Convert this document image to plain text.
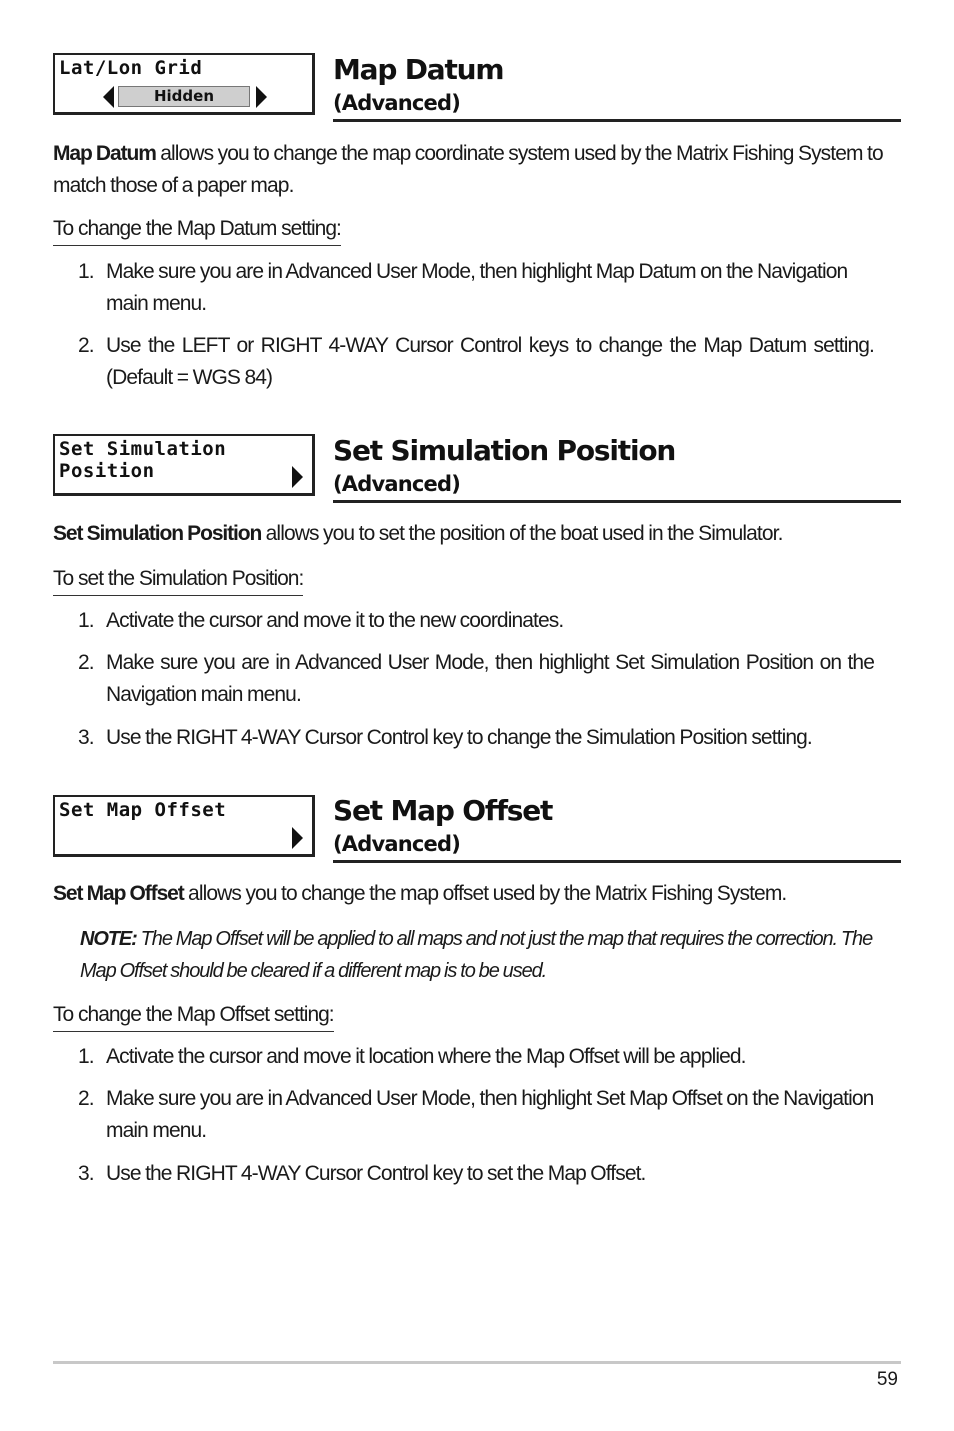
Lat/Lon Grid
Hidden
Map Datum
(Advanced)
Map Datum allows you to change the map coordinate system used by the Matrix Fishing System to match those of a paper map.
To change the Map Datum setting:
1. Make sure you are in Advanced User Mode, then highlight Map Datum on the Navigation main menu.
2. Use the LEFT or RIGHT 4-WAY Cursor Control keys to change the Map Datum setting. (Default = WGS 84)
Set Simulation Position
Set Simulation Position
(Advanced)
Set Simulation Position allows you to set the position of the boat used in the Simulator.
To set the Simulation Position:
1. Activate the cursor and move it to the new coordinates.
2. Make sure you are in Advanced User Mode, then highlight Set Simulation Position on the Navigation main menu.
3. Use the RIGHT 4-WAY Cursor Control key to change the Simulation Position setting.
Set Map Offset	Set Map Offset
(Advanced)
Set Map Offset allows you to change the map offset used by the Matrix Fishing System.
NOTE: The Map Offset will be applied to all maps and not just the map that requires the correction. The Map Offset should be cleared if a different map is to be used.
To change the Map Offset setting:
1. Activate the cursor and move it location where the Map Offset will be applied.
2. Make sure you are in Advanced User Mode, then highlight Set Map Offset on the Navigation main menu.
3. Use the RIGHT 4-WAY Cursor Control key to set the Map Offset.
59
